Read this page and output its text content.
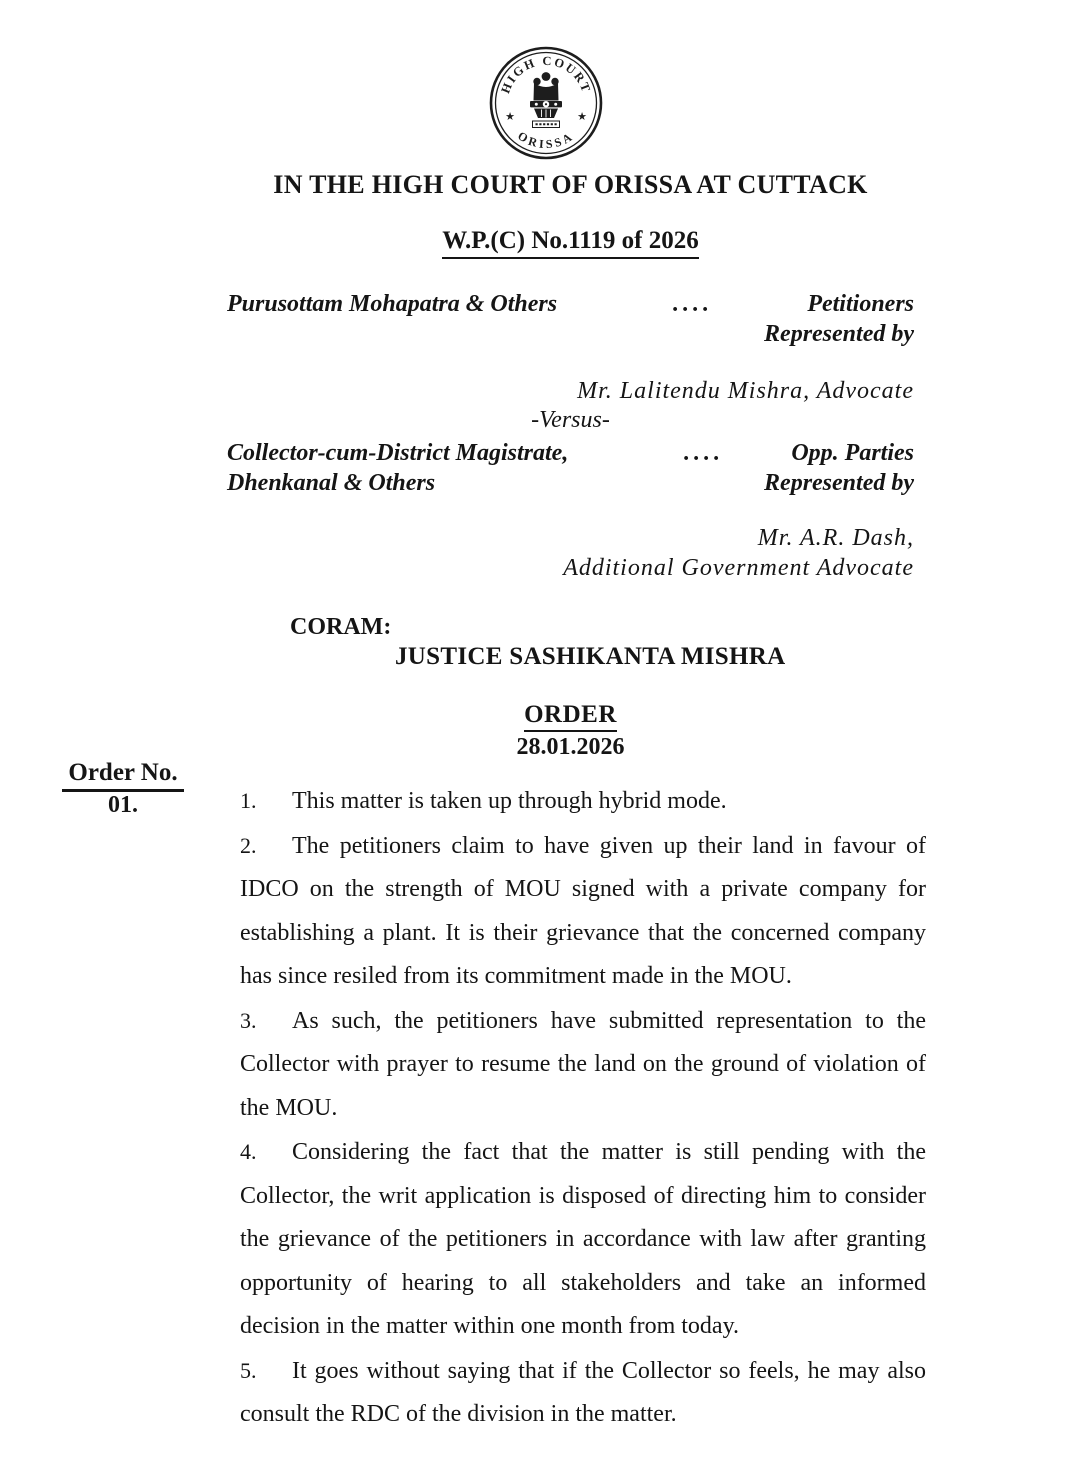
Order No.
01.
HIGH COURT
ORISSA
★	★
IN THE HIGH COURT OF ORISSA AT CUTTACK
W.P.(C) No.1119 of 2026
Purusottam Mohapatra & Others	....	Petitioners
Represented by
Mr. Lalitendu Mishra, Advocate
-Versus-
Collector-cum-District Magistrate,	....	Opp. Parties
Dhenkanal & Others	Represented by
Mr. A.R. Dash,
Additional Government Advocate
CORAM:
JUSTICE SASHIKANTA MISHRA
ORDER
28.01.2026

1. This matter is taken up through hybrid mode.

2. The petitioners claim to have given up their land in favour of IDCO on the strength of MOU signed with a private company for establishing a plant. It is their grievance that the concerned company has since resiled from its commitment made in the MOU.

3. As such, the petitioners have submitted representation to the Collector with prayer to resume the land on the ground of violation of the MOU.

4. Considering the fact that the matter is still pending with the Collector, the writ application is disposed of directing him to consider the grievance of the petitioners in accordance with law after granting opportunity of hearing to all stakeholders and take an informed decision in the matter within one month from today.

5. It goes without saying that if the Collector so feels, he may also consult the RDC of the division in the matter.
